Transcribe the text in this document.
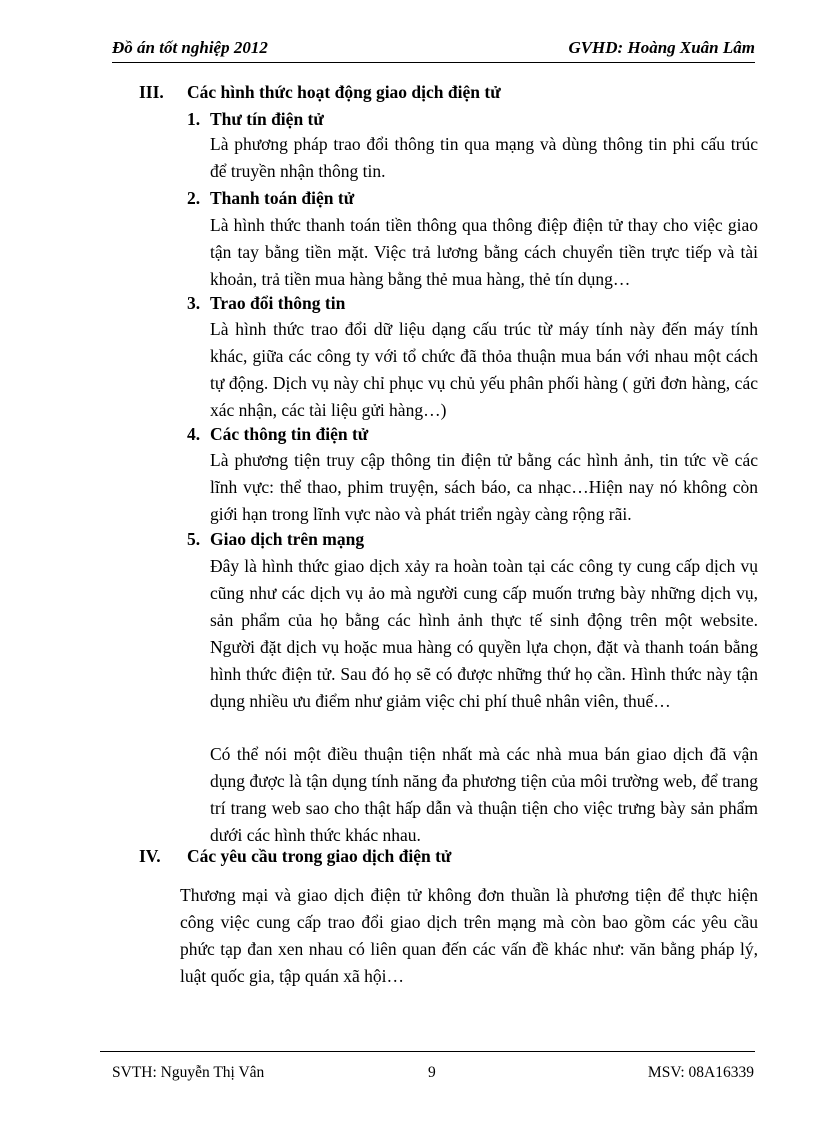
Đồ án tốt nghiệp 2012	GVHD: Hoàng Xuân Lâm
III. Các hình thức hoạt động giao dịch điện tử
1. Thư tín điện tử
Là phương pháp trao đổi thông tin qua mạng và dùng thông tin phi cấu trúc để truyền nhận thông tin.
2. Thanh toán điện tử
Là hình thức thanh toán tiền thông qua thông điệp điện tử thay cho việc giao tận tay bằng tiền mặt. Việc trả lương bằng cách chuyển tiền trực tiếp và tài khoản, trả tiền mua hàng bằng thẻ mua hàng, thẻ tín dụng…
3. Trao đổi thông tin
Là hình thức trao đổi dữ liệu dạng cấu trúc từ máy tính này đến máy tính khác, giữa các công ty với tổ chức đã thỏa thuận mua bán với nhau một cách tự động. Dịch vụ này chỉ phục vụ chủ yếu phân phối hàng ( gửi đơn hàng, các xác nhận, các tài liệu gửi hàng…)
4. Các thông tin điện tử
Là phương tiện truy cập thông tin điện tử bằng các hình ảnh, tin tức về các lĩnh vực: thể thao, phim truyện, sách báo, ca nhạc…Hiện nay nó không còn giới hạn trong lĩnh vực nào và phát triển ngày càng rộng rãi.
5. Giao dịch trên mạng
Đây là hình thức giao dịch xảy ra hoàn toàn tại các công ty cung cấp dịch vụ cũng như các dịch vụ ảo mà người cung cấp muốn trưng bày những dịch vụ, sản phẩm của họ bằng các hình ảnh thực tế sinh động trên một website. Người đặt dịch vụ hoặc mua hàng có quyền lựa chọn, đặt và thanh toán bằng hình thức điện tử. Sau đó họ sẽ có được những thứ họ cần. Hình thức này tận dụng nhiều ưu điểm như giảm việc chi phí thuê nhân viên, thuế…
Có thể nói một điều thuận tiện nhất mà các nhà mua bán giao dịch đã vận dụng được là tận dụng tính năng đa phương tiện của môi trường web, để trang trí trang web sao cho thật hấp dẫn và thuận tiện cho việc trưng bày sản phẩm dưới các hình thức khác nhau.
IV. Các yêu cầu trong giao dịch điện tử
Thương mại và giao dịch điện tử không đơn thuần là phương tiện để thực hiện công việc cung cấp trao đổi giao dịch trên mạng mà còn bao gồm các yêu cầu phức tạp đan xen nhau có liên quan đến các vấn đề khác như: văn bằng pháp lý, luật quốc gia, tập quán xã hội…
SVTH: Nguyễn Thị Vân	9	MSV: 08A16339
